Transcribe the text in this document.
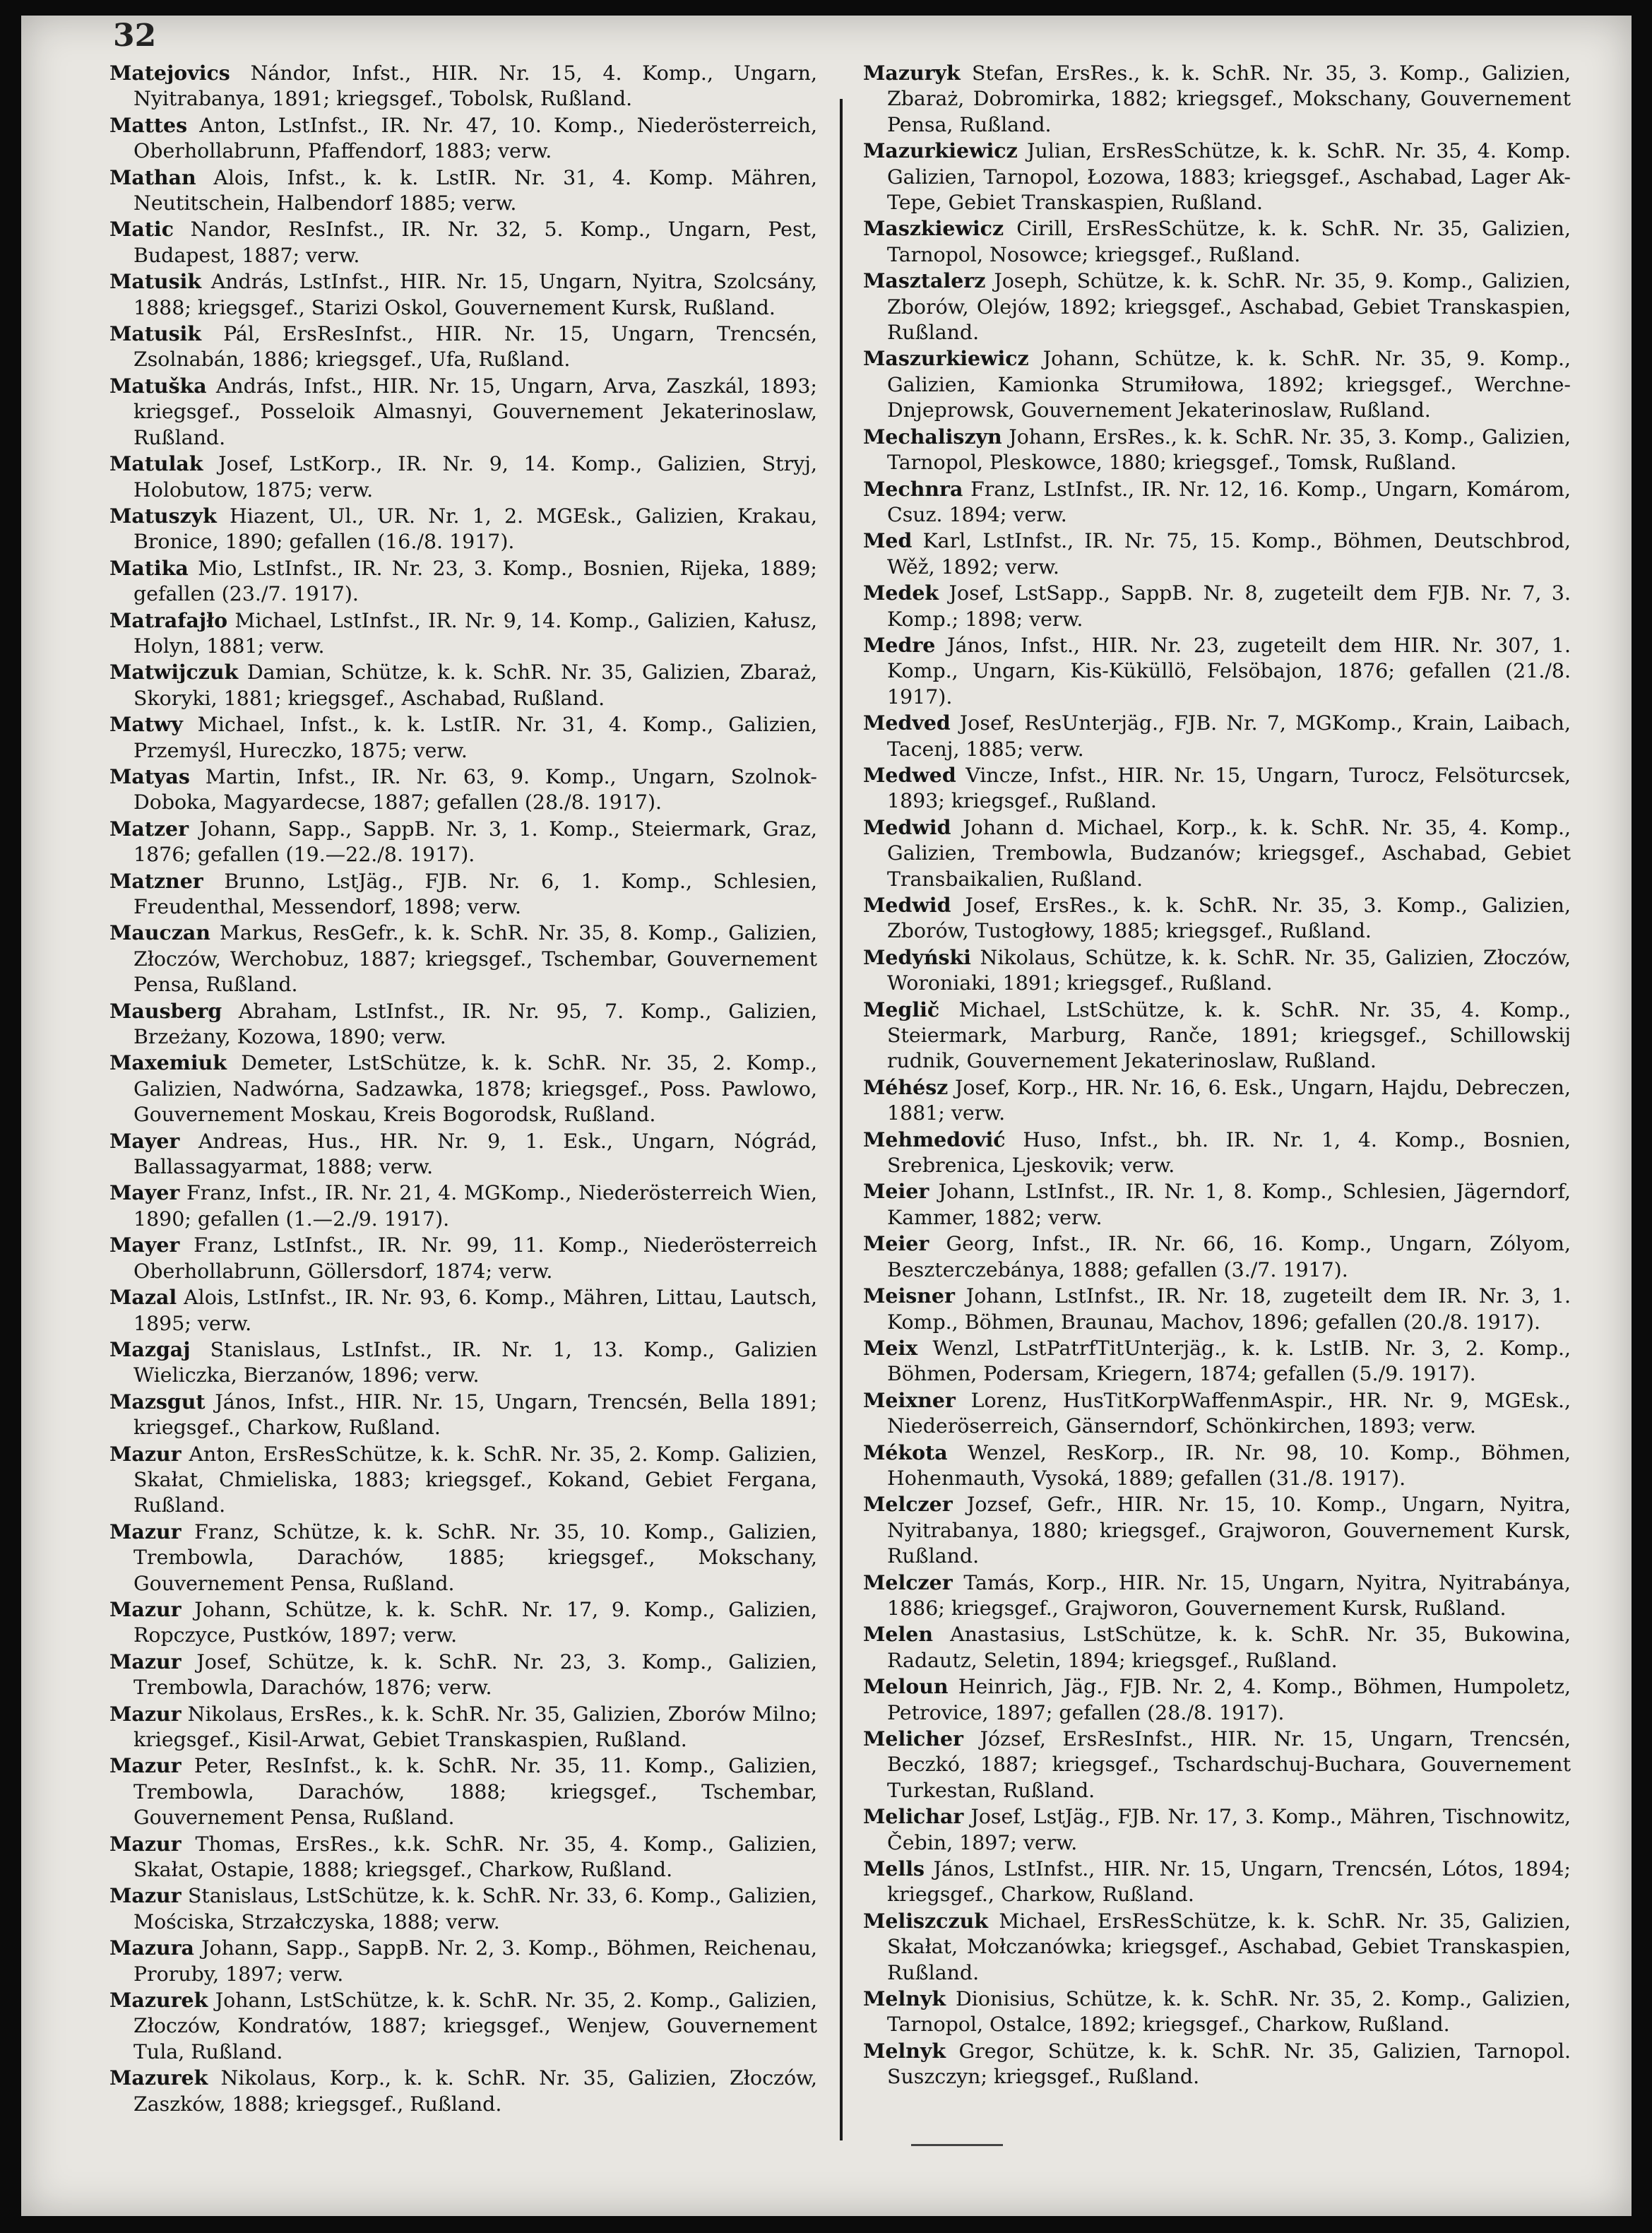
32

Matejovics Nándor, Infst., HIR. Nr. 15, 4. Komp., Ungarn, Nyitrabanya, 1891; kriegsgef., Tobolsk, Rußland.

Mattes Anton, LstInfst., IR. Nr. 47, 10. Komp., Niederösterreich, Oberhollabrunn, Pfaffendorf, 1883; verw.

Mathan Alois, Infst., k. k. LstIR. Nr. 31, 4. Komp. Mähren, Neutitschein, Halbendorf 1885; verw.

Matic Nandor, ResInfst., IR. Nr. 32, 5. Komp., Ungarn, Pest, Budapest, 1887; verw.

Matusik András, LstInfst., HIR. Nr. 15, Ungarn, Nyitra, Szolcsány, 1888; kriegsgef., Starizi Oskol, Gouvernement Kursk, Rußland.

Matusik Pál, ErsResInfst., HIR. Nr. 15, Ungarn, Trencsén, Zsolnabán, 1886; kriegsgef., Ufa, Rußland.

Matuška András, Infst., HIR. Nr. 15, Ungarn, Arva, Zaszkál, 1893; kriegsgef., Posseloik Almasnyi, Gouvernement Jekaterinoslaw, Rußland.

Matulak Josef, LstKorp., IR. Nr. 9, 14. Komp., Galizien, Stryj, Holobutow, 1875; verw.

Matuszyk Hiazent, Ul., UR. Nr. 1, 2. MGEsk., Galizien, Krakau, Bronice, 1890; gefallen (16./8. 1917).

Matika Mio, LstInfst., IR. Nr. 23, 3. Komp., Bosnien, Rijeka, 1889; gefallen (23./7. 1917).

Matrafajło Michael, LstInfst., IR. Nr. 9, 14. Komp., Galizien, Kałusz, Holyn, 1881; verw.

Matwijczuk Damian, Schütze, k. k. SchR. Nr. 35, Galizien, Zbaraż, Skoryki, 1881; kriegsgef., Aschabad, Rußland.

Matwy Michael, Infst., k. k. LstIR. Nr. 31, 4. Komp., Galizien, Przemyśl, Hureczko, 1875; verw.

Matyas Martin, Infst., IR. Nr. 63, 9. Komp., Ungarn, Szolnok-Doboka, Magyardecse, 1887; gefallen (28./8. 1917).

Matzer Johann, Sapp., SappB. Nr. 3, 1. Komp., Steiermark, Graz, 1876; gefallen (19.—22./8. 1917).

Matzner Brunno, LstJäg., FJB. Nr. 6, 1. Komp., Schlesien, Freudenthal, Messendorf, 1898; verw.

Mauczan Markus, ResGefr., k. k. SchR. Nr. 35, 8. Komp., Galizien, Złoczów, Werchobuz, 1887; kriegsgef., Tschembar, Gouvernement Pensa, Rußland.

Mausberg Abraham, LstInfst., IR. Nr. 95, 7. Komp., Galizien, Brzeżany, Kozowa, 1890; verw.

Maxemiuk Demeter, LstSchütze, k. k. SchR. Nr. 35, 2. Komp., Galizien, Nadwórna, Sadzawka, 1878; kriegsgef., Poss. Pawlowo, Gouvernement Moskau, Kreis Bogorodsk, Rußland.

Mayer Andreas, Hus., HR. Nr. 9, 1. Esk., Ungarn, Nógrád, Ballassagyarmat, 1888; verw.

Mayer Franz, Infst., IR. Nr. 21, 4. MGKomp., Niederösterreich Wien, 1890; gefallen (1.—2./9. 1917).

Mayer Franz, LstInfst., IR. Nr. 99, 11. Komp., Niederösterreich Oberhollabrunn, Göllersdorf, 1874; verw.

Mazal Alois, LstInfst., IR. Nr. 93, 6. Komp., Mähren, Littau, Lautsch, 1895; verw.

Mazgaj Stanislaus, LstInfst., IR. Nr. 1, 13. Komp., Galizien Wieliczka, Bierzanów, 1896; verw.

Mazsgut János, Infst., HIR. Nr. 15, Ungarn, Trencsén, Bella 1891; kriegsgef., Charkow, Rußland.

Mazur Anton, ErsResSchütze, k. k. SchR. Nr. 35, 2. Komp. Galizien, Skałat, Chmieliska, 1883; kriegsgef., Kokand, Gebiet Fergana, Rußland.

Mazur Franz, Schütze, k. k. SchR. Nr. 35, 10. Komp., Galizien, Trembowla, Darachów, 1885; kriegsgef., Mokschany, Gouvernement Pensa, Rußland.

Mazur Johann, Schütze, k. k. SchR. Nr. 17, 9. Komp., Galizien, Ropczyce, Pustków, 1897; verw.

Mazur Josef, Schütze, k. k. SchR. Nr. 23, 3. Komp., Galizien, Trembowla, Darachów, 1876; verw.

Mazur Nikolaus, ErsRes., k. k. SchR. Nr. 35, Galizien, Zborów Milno; kriegsgef., Kisil-Arwat, Gebiet Transkaspien, Rußland.

Mazur Peter, ResInfst., k. k. SchR. Nr. 35, 11. Komp., Galizien, Trembowla, Darachów, 1888; kriegsgef., Tschembar, Gouvernement Pensa, Rußland.

Mazur Thomas, ErsRes., k.k. SchR. Nr. 35, 4. Komp., Galizien, Skałat, Ostapie, 1888; kriegsgef., Charkow, Rußland.

Mazur Stanislaus, LstSchütze, k. k. SchR. Nr. 33, 6. Komp., Galizien, Mościska, Strzałczyska, 1888; verw.

Mazura Johann, Sapp., SappB. Nr. 2, 3. Komp., Böhmen, Reichenau, Proruby, 1897; verw.

Mazurek Johann, LstSchütze, k. k. SchR. Nr. 35, 2. Komp., Galizien, Złoczów, Kondratów, 1887; kriegsgef., Wenjew, Gouvernement Tula, Rußland.

Mazurek Nikolaus, Korp., k. k. SchR. Nr. 35, Galizien, Złoczów, Zaszków, 1888; kriegsgef., Rußland.

Mazuryk Stefan, ErsRes., k. k. SchR. Nr. 35, 3. Komp., Galizien, Zbaraż, Dobromirka, 1882; kriegsgef., Mokschany, Gouvernement Pensa, Rußland.

Mazurkiewicz Julian, ErsResSchütze, k. k. SchR. Nr. 35, 4. Komp. Galizien, Tarnopol, Łozowa, 1883; kriegsgef., Aschabad, Lager Ak-Tepe, Gebiet Transkaspien, Rußland.

Maszkiewicz Cirill, ErsResSchütze, k. k. SchR. Nr. 35, Galizien, Tarnopol, Nosowce; kriegsgef., Rußland.

Masztalerz Joseph, Schütze, k. k. SchR. Nr. 35, 9. Komp., Galizien, Zborów, Olejów, 1892; kriegsgef., Aschabad, Gebiet Transkaspien, Rußland.

Maszurkiewicz Johann, Schütze, k. k. SchR. Nr. 35, 9. Komp., Galizien, Kamionka Strumiłowa, 1892; kriegsgef., Werchne-Dnjeprowsk, Gouvernement Jekaterinoslaw, Rußland.

Mechaliszyn Johann, ErsRes., k. k. SchR. Nr. 35, 3. Komp., Galizien, Tarnopol, Pleskowce, 1880; kriegsgef., Tomsk, Rußland.

Mechnra Franz, LstInfst., IR. Nr. 12, 16. Komp., Ungarn, Komárom, Csuz. 1894; verw.

Med Karl, LstInfst., IR. Nr. 75, 15. Komp., Böhmen, Deutschbrod, Wěž, 1892; verw.

Medek Josef, LstSapp., SappB. Nr. 8, zugeteilt dem FJB. Nr. 7, 3. Komp.; 1898; verw.

Medre János, Infst., HIR. Nr. 23, zugeteilt dem HIR. Nr. 307, 1. Komp., Ungarn, Kis-Küküllö, Felsöbajon, 1876; gefallen (21./8. 1917).

Medved Josef, ResUnterjäg., FJB. Nr. 7, MGKomp., Krain, Laibach, Tacenj, 1885; verw.

Medwed Vincze, Infst., HIR. Nr. 15, Ungarn, Turocz, Felsöturcsek, 1893; kriegsgef., Rußland.

Medwid Johann d. Michael, Korp., k. k. SchR. Nr. 35, 4. Komp., Galizien, Trembowla, Budzanów; kriegsgef., Aschabad, Gebiet Transbaikalien, Rußland.

Medwid Josef, ErsRes., k. k. SchR. Nr. 35, 3. Komp., Galizien, Zborów, Tustogłowy, 1885; kriegsgef., Rußland.

Medyński Nikolaus, Schütze, k. k. SchR. Nr. 35, Galizien, Złoczów, Woroniaki, 1891; kriegsgef., Rußland.

Meglič Michael, LstSchütze, k. k. SchR. Nr. 35, 4. Komp., Steiermark, Marburg, Ranče, 1891; kriegsgef., Schillowskij rudnik, Gouvernement Jekaterinoslaw, Rußland.

Méhész Josef, Korp., HR. Nr. 16, 6. Esk., Ungarn, Hajdu, Debreczen, 1881; verw.

Mehmedović Huso, Infst., bh. IR. Nr. 1, 4. Komp., Bosnien, Srebrenica, Ljeskovik; verw.

Meier Johann, LstInfst., IR. Nr. 1, 8. Komp., Schlesien, Jägerndorf, Kammer, 1882; verw.

Meier Georg, Infst., IR. Nr. 66, 16. Komp., Ungarn, Zólyom, Beszterczebánya, 1888; gefallen (3./7. 1917).

Meisner Johann, LstInfst., IR. Nr. 18, zugeteilt dem IR. Nr. 3, 1. Komp., Böhmen, Braunau, Machov, 1896; gefallen (20./8. 1917).

Meix Wenzl, LstPatrfTitUnterjäg., k. k. LstIB. Nr. 3, 2. Komp., Böhmen, Podersam, Kriegern, 1874; gefallen (5./9. 1917).

Meixner Lorenz, HusTitKorpWaffenmAspir., HR. Nr. 9, MGEsk., Niederöserreich, Gänserndorf, Schönkirchen, 1893; verw.

Mékota Wenzel, ResKorp., IR. Nr. 98, 10. Komp., Böhmen, Hohenmauth, Vysoká, 1889; gefallen (31./8. 1917).

Melczer Jozsef, Gefr., HIR. Nr. 15, 10. Komp., Ungarn, Nyitra, Nyitrabanya, 1880; kriegsgef., Grajworon, Gouvernement Kursk, Rußland.

Melczer Tamás, Korp., HIR. Nr. 15, Ungarn, Nyitra, Nyitrabánya, 1886; kriegsgef., Grajworon, Gouvernement Kursk, Rußland.

Melen Anastasius, LstSchütze, k. k. SchR. Nr. 35, Bukowina, Radautz, Seletin, 1894; kriegsgef., Rußland.

Meloun Heinrich, Jäg., FJB. Nr. 2, 4. Komp., Böhmen, Humpoletz, Petrovice, 1897; gefallen (28./8. 1917).

Melicher József, ErsResInfst., HIR. Nr. 15, Ungarn, Trencsén, Beczkó, 1887; kriegsgef., Tschardschuj-Buchara, Gouvernement Turkestan, Rußland.

Melichar Josef, LstJäg., FJB. Nr. 17, 3. Komp., Mähren, Tischnowitz, Čebin, 1897; verw.

Mells János, LstInfst., HIR. Nr. 15, Ungarn, Trencsén, Lótos, 1894; kriegsgef., Charkow, Rußland.

Meliszczuk Michael, ErsResSchütze, k. k. SchR. Nr. 35, Galizien, Skałat, Mołczanówka; kriegsgef., Aschabad, Gebiet Transkaspien, Rußland.

Melnyk Dionisius, Schütze, k. k. SchR. Nr. 35, 2. Komp., Galizien, Tarnopol, Ostalce, 1892; kriegsgef., Charkow, Rußland.

Melnyk Gregor, Schütze, k. k. SchR. Nr. 35, Galizien, Tarnopol. Suszczyn; kriegsgef., Rußland.
